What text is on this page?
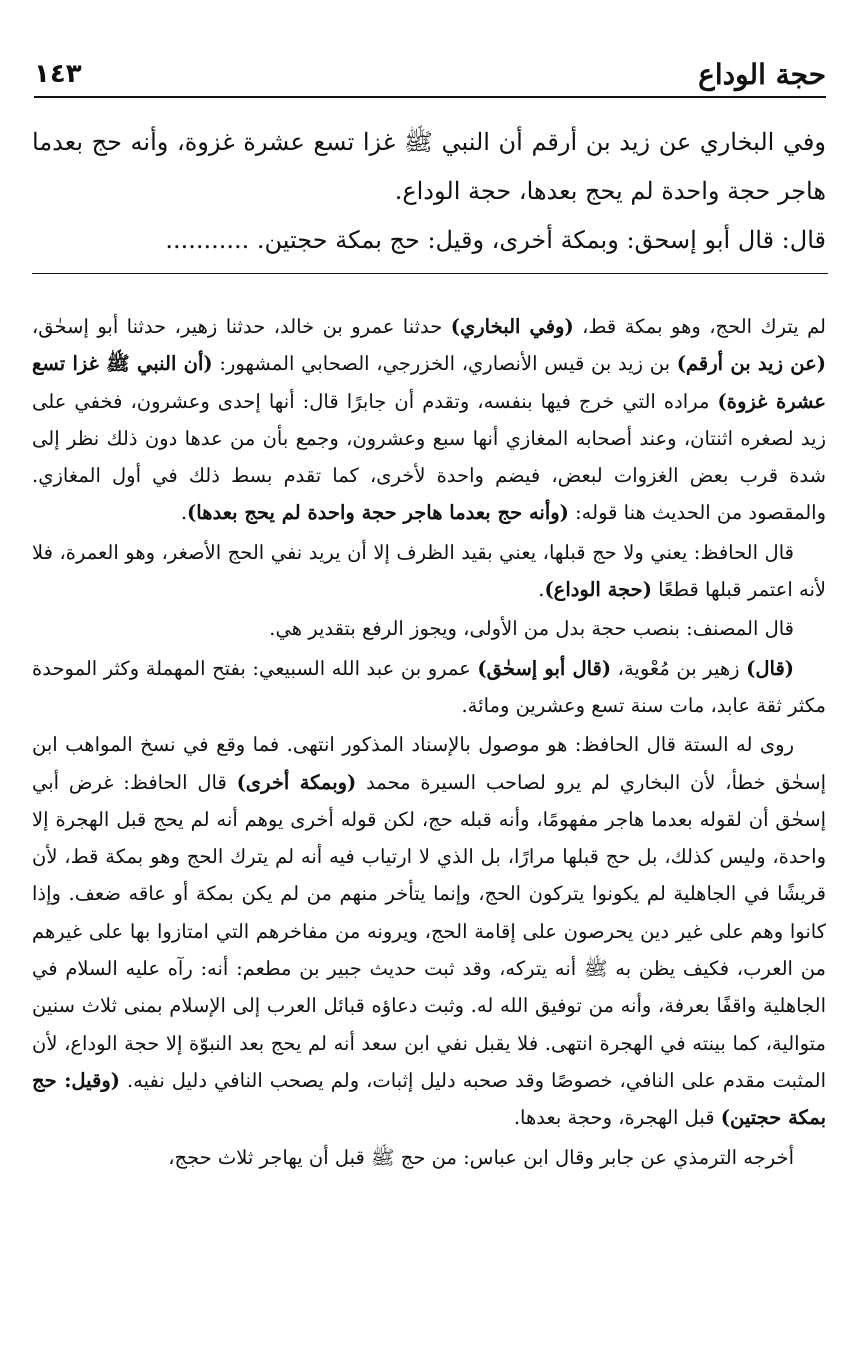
حجة الوداع
١٤٣

وفي البخاري عن زيد بن أرقم أن النبي ﷺ غزا تسع عشرة غزوة، وأنه حج بعدما هاجر حجة واحدة لم يحج بعدها، حجة الوداع.

قال: قال أبو إسحق: وبمكة أخرى، وقيل: حج بمكة حجتين. ...........

لم يترك الحج، وهو بمكة قط، (وفي البخاري) حدثنا عمرو بن خالد، حدثنا زهير، حدثنا أبو إسحٰق، (عن زيد بن أرقم) بن زيد بن قيس الأنصاري، الخزرجي، الصحابي المشهور: (أن النبي ﷺ غزا تسع عشرة غزوة) مراده التي خرج فيها بنفسه، وتقدم أن جابرًا قال: أنها إحدى وعشرون، فخفي على زيد لصغره اثنتان، وعند أصحابه المغازي أنها سبع وعشرون، وجمع بأن من عدها دون ذلك نظر إلى شدة قرب بعض الغزوات لبعض، فيضم واحدة لأخرى، كما تقدم بسط ذلك في أول المغازي. والمقصود من الحديث هنا قوله: (وأنه حج بعدما هاجر حجة واحدة لم يحج بعدها).

قال الحافظ: يعني ولا حج قبلها، يعني بقيد الظرف إلا أن يريد نفي الحج الأصغر، وهو العمرة، فلا لأنه اعتمر قبلها قطعًا (حجة الوداع).

قال المصنف: بنصب حجة بدل من الأولى، ويجوز الرفع بتقدير هي.

(قال) زهير بن مُعْوية، (قال أبو إسحٰق) عمرو بن عبد الله السبيعي: بفتح المهملة وكثر الموحدة مكثر ثقة عابد، مات سنة تسع وعشرين ومائة.

روى له الستة قال الحافظ: هو موصول بالإسناد المذكور انتهى. فما وقع في نسخ المواهب ابن إسحٰق خطأ، لأن البخاري لم يرو لصاحب السيرة محمد (وبمكة أخرى) قال الحافظ: غرض أبي إسحٰق أن لقوله بعدما هاجر مفهومًا، وأنه قبله حج، لكن قوله أخرى يوهم أنه لم يحج قبل الهجرة إلا واحدة، وليس كذلك، بل حج قبلها مرارًا، بل الذي لا ارتياب فيه أنه لم يترك الحج وهو بمكة قط، لأن قريشًا في الجاهلية لم يكونوا يتركون الحج، وإنما يتأخر منهم من لم يكن بمكة أو عاقه ضعف. وإذا كانوا وهم على غير دين يحرصون على إقامة الحج، ويرونه من مفاخرهم التي امتازوا بها على غيرهم من العرب، فكيف يظن به ﷺ أنه يتركه، وقد ثبت حديث جبير بن مطعم: أنه: رآه عليه السلام في الجاهلية واقفًا بعرفة، وأنه من توفيق الله له. وثبت دعاؤه قبائل العرب إلى الإسلام بمنى ثلاث سنين متوالية، كما بينته في الهجرة انتهى. فلا يقبل نفي ابن سعد أنه لم يحج بعد النبوّة إلا حجة الوداع، لأن المثبت مقدم على النافي، خصوصًا وقد صحبه دليل إثبات، ولم يصحب النافي دليل نفيه. (وقيل: حج بمكة حجتين) قبل الهجرة، وحجة بعدها.

أخرجه الترمذي عن جابر وقال ابن عباس: من حج ﷺ قبل أن يهاجر ثلاث حجج،
